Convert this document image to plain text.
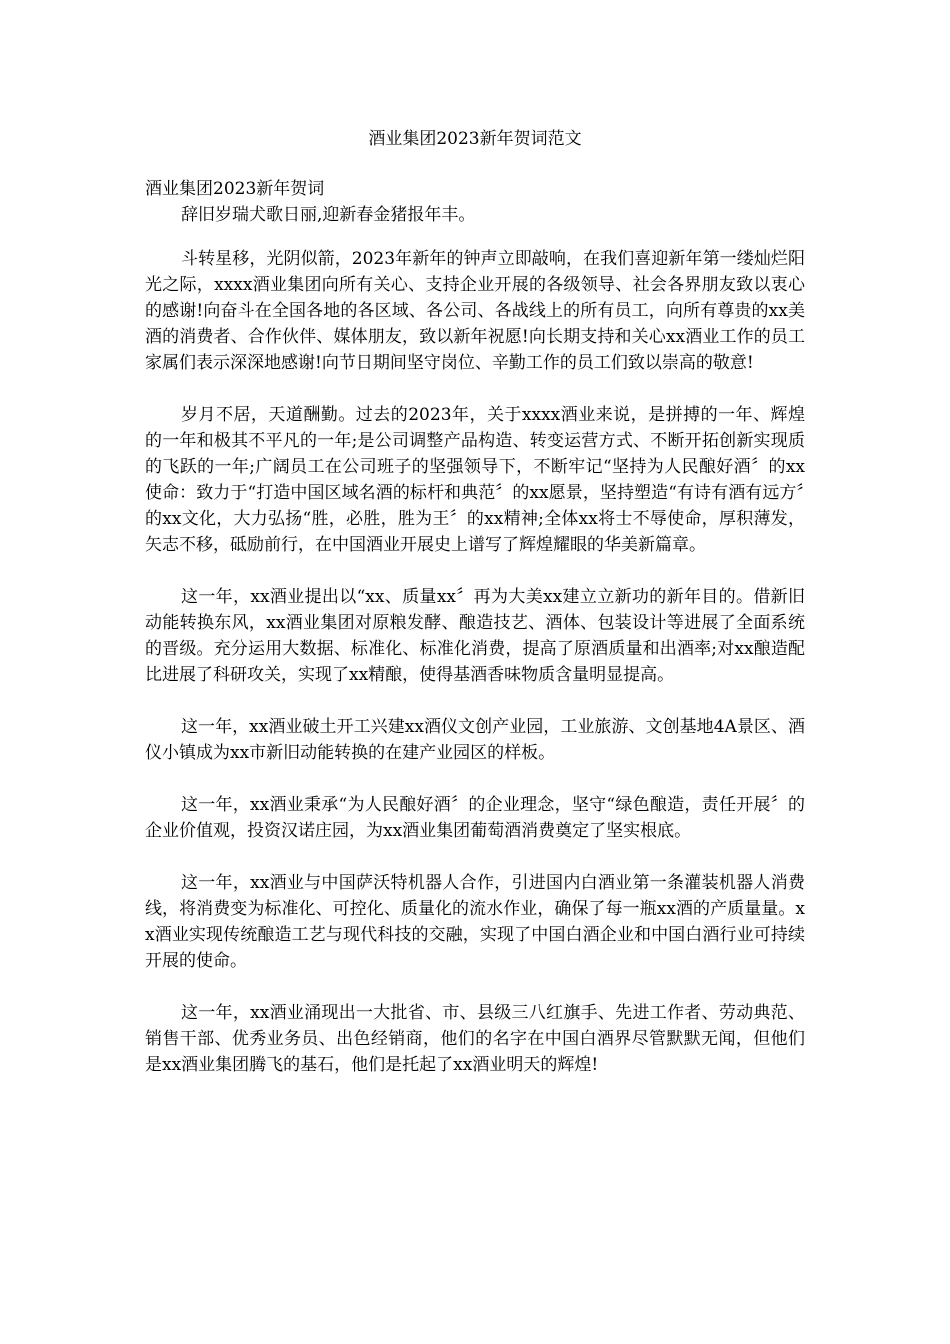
酒业集团2023新年贺词范文

酒业集团2023新年贺词

辞旧岁瑞犬歌日丽,迎新春金猪报年丰。

斗转星移，光阴似箭，2023年新年的钟声立即敲响，在我们喜迎新年第一缕灿烂阳光之际，xxxx酒业集团向所有关心、支持企业开展的各级领导、社会各界朋友致以衷心的感谢!向奋斗在全国各地的各区域、各公司、各战线上的所有员工，向所有尊贵的xx美酒的消费者、合作伙伴、媒体朋友，致以新年祝愿!向长期支持和关心xx酒业工作的员工家属们表示深深地感谢!向节日期间坚守岗位、辛勤工作的员工们致以崇高的敬意!

岁月不居，天道酬勤。过去的2023年，关于xxxx酒业来说，是拼搏的一年、辉煌的一年和极其不平凡的一年;是公司调整产品构造、转变运营方式、不断开拓创新实现质的飞跃的一年;广阔员工在公司班子的坚强领导下，不断牢记“坚持为人民酿好酒〞的xx使命：致力于“打造中国区域名酒的标杆和典范〞的xx愿景，坚持塑造“有诗有酒有远方〞的xx文化，大力弘扬“胜，必胜，胜为王〞的xx精神;全体xx将士不辱使命，厚积薄发，矢志不移，砥励前行，在中国酒业开展史上谱写了辉煌耀眼的华美新篇章。

这一年，xx酒业提出以“xx、质量xx〞再为大美xx建立立新功的新年目的。借新旧动能转换东风，xx酒业集团对原粮发酵、酿造技艺、酒体、包装设计等进展了全面系统的晋级。充分运用大数据、标准化、标准化消费，提高了原酒质量和出酒率;对xx酿造配比进展了科研攻关，实现了xx精酿，使得基酒香味物质含量明显提高。

这一年，xx酒业破土开工兴建xx酒仪文创产业园，工业旅游、文创基地4A景区、酒仪小镇成为xx市新旧动能转换的在建产业园区的样板。

这一年，xx酒业秉承“为人民酿好酒〞的企业理念，坚守“绿色酿造，责任开展〞的企业价值观，投资汉诺庄园，为xx酒业集团葡萄酒消费奠定了坚实根底。

这一年，xx酒业与中国萨沃特机器人合作，引进国内白酒业第一条灌装机器人消费线，将消费变为标准化、可控化、质量化的流水作业，确保了每一瓶xx酒的产质量量。xx酒业实现传统酿造工艺与现代科技的交融，实现了中国白酒企业和中国白酒行业可持续开展的使命。

这一年，xx酒业涌现出一大批省、市、县级三八红旗手、先进工作者、劳动典范、销售干部、优秀业务员、出色经销商，他们的名字在中国白酒界尽管默默无闻，但他们是xx酒业集团腾飞的基石，他们是托起了xx酒业明天的辉煌!
